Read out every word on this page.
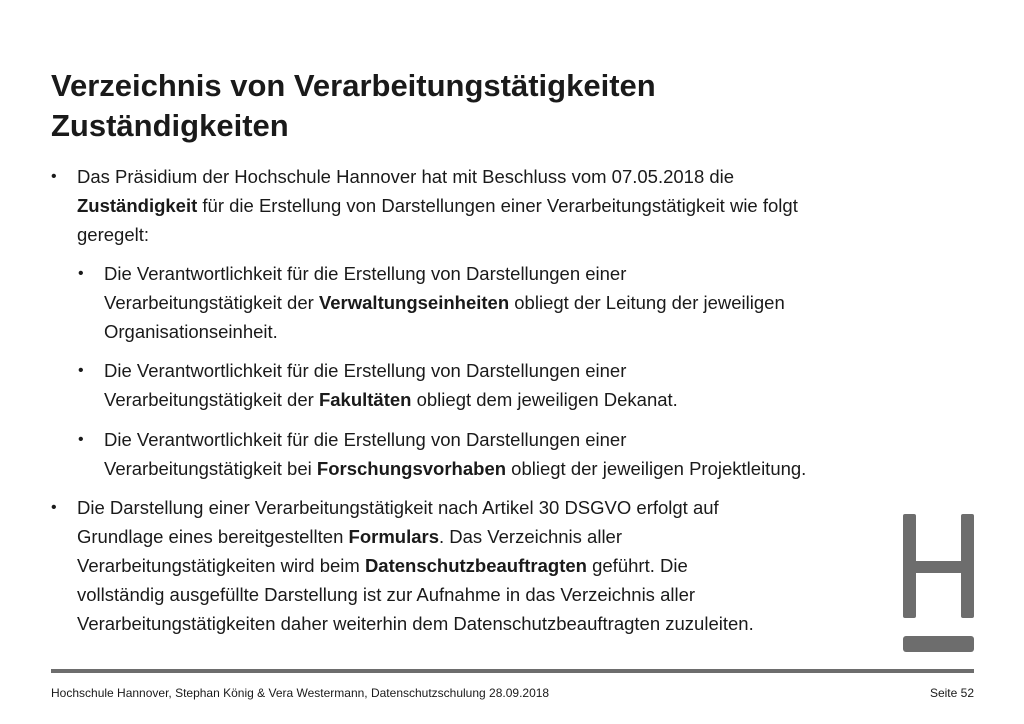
Verzeichnis von Verarbeitungstätigkeiten
Zuständigkeiten
• Das Präsidium der Hochschule Hannover hat mit Beschluss vom 07.05.2018 die
Zuständigkeit für die Erstellung von Darstellungen einer Verarbeitungstätigkeit wie folgt
geregelt:
• Die Verantwortlichkeit für die Erstellung von Darstellungen einer
Verarbeitungstätigkeit der Verwaltungseinheiten obliegt der Leitung der jeweiligen
Organisationseinheit.
• Die Verantwortlichkeit für die Erstellung von Darstellungen einer
Verarbeitungstätigkeit der Fakultäten obliegt dem jeweiligen Dekanat.
• Die Verantwortlichkeit für die Erstellung von Darstellungen einer
Verarbeitungstätigkeit bei Forschungsvorhaben obliegt der jeweiligen Projektleitung.
• Die Darstellung einer Verarbeitungstätigkeit nach Artikel 30 DSGVO erfolgt auf
Grundlage eines bereitgestellten Formulars. Das Verzeichnis aller
Verarbeitungstätigkeiten wird beim Datenschutzbeauftragten geführt. Die
vollständig ausgefüllte Darstellung ist zur Aufnahme in das Verzeichnis aller
Verarbeitungstätigkeiten daher weiterhin dem Datenschutzbeauftragten zuzuleiten.
Hochschule Hannover, Stephan König & Vera Westermann, Datenschutzschulung 28.09.2018	Seite 52
